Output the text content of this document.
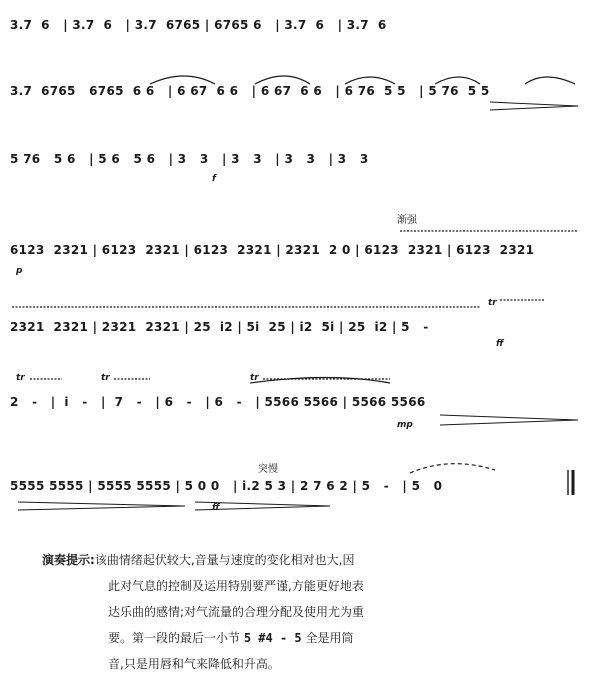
3.7  6   | 3.7  6   | 3.7  6765 | 6765 6   | 3.7  6   | 3.7  6
3.7  6765   6765  6 6   | 6 67  6 6   | 6 67  6 6   | 6 76  5 5   | 5 76  5 5
5 76   5 6   | 5 6   5 6   | 3   3   | 3   3   | 3   3   | 3   3
6123  2321 | 6123  2321 | 6123  2321 | 2321  2 0 | 6123  2321 | 6123  2321
2321  2321 | 2321  2321 | 25  i2 | 5i  25 | i2  5i | 25  i2 | 5   -
2   -   |  i   -   |  7   -   | 6   -   | 6   -   | 5566 5566 | 5566 5566
5555 5555 | 5555 5555 | 5 0 0   | i.2 5 3 | 2 7 6 2 | 5   -   | 5   0
f
p
ff
ff
mp
tr
tr	tr	tr
渐强
突慢
演奏提示:该曲情绪起伏较大,音量与速度的变化相对也大,因
此对气息的控制及运用特别要严谨,方能更好地表
达乐曲的感情;对气流量的合理分配及使用尤为重
要。第一段的最后一小节 5 #4 - 5 全是用筒
音,只是用唇和气来降低和升高。
